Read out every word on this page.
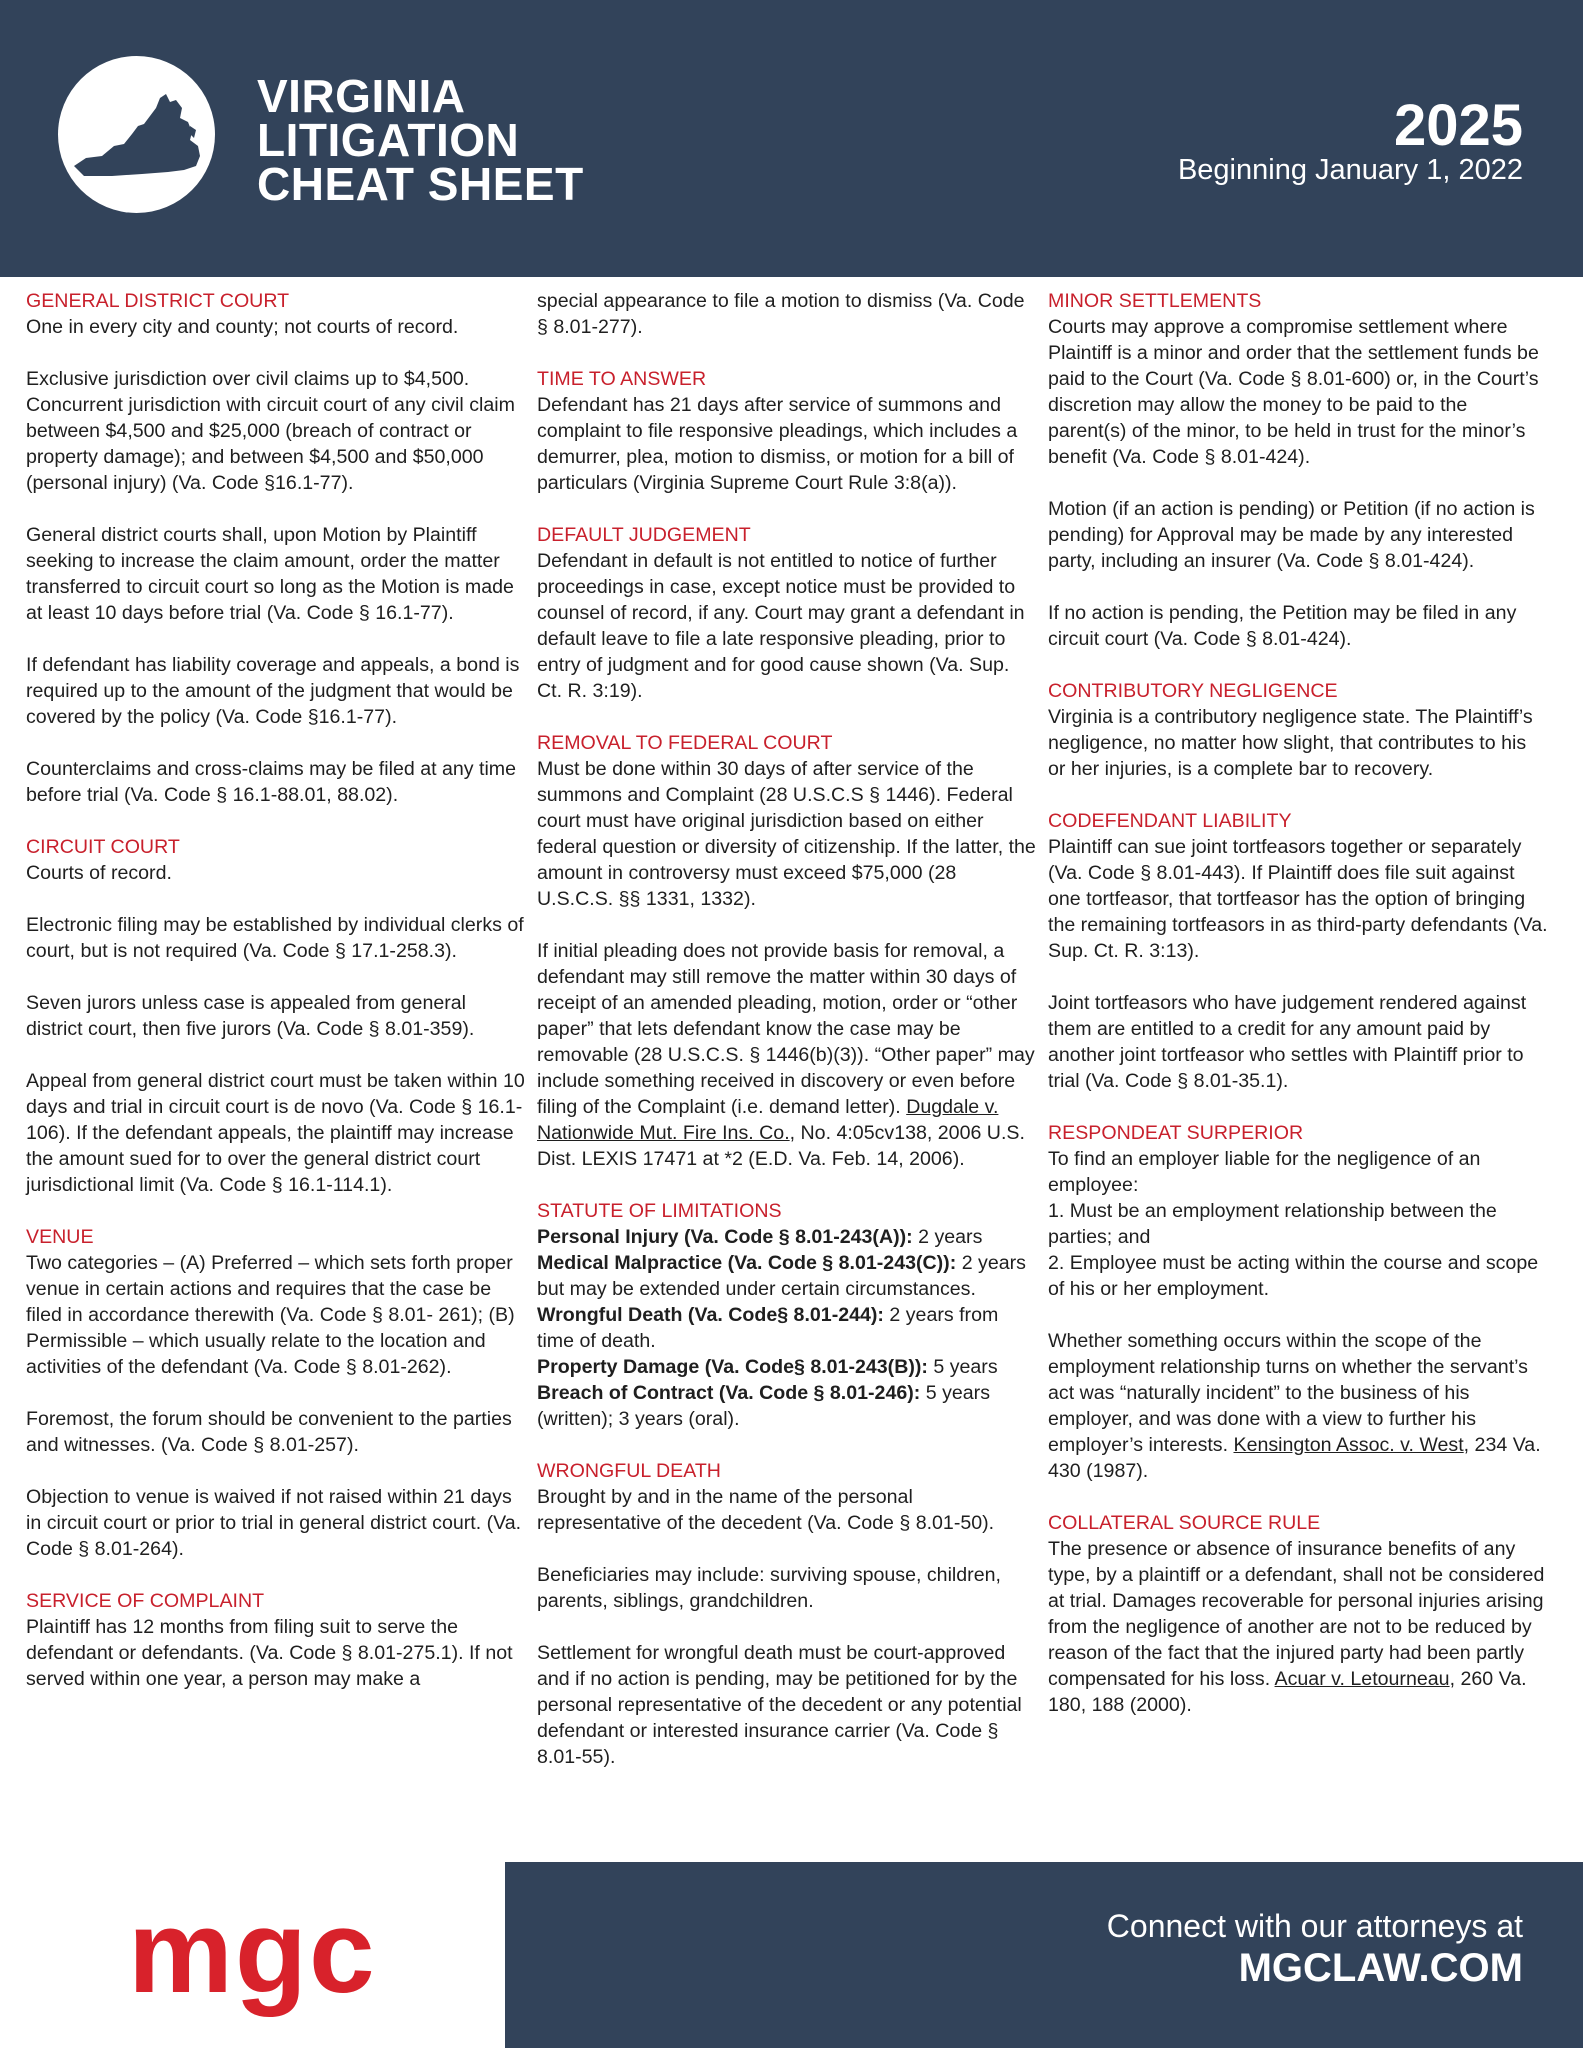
VIRGINIA
LITIGATION
CHEAT SHEET
2025
Beginning January 1, 2022
GENERAL DISTRICT COURT

One in every city and county; not courts of record.

Exclusive jurisdiction over civil claims up to $4,500. Concurrent jurisdiction with circuit court of any civil claim between $4,500 and $25,000 (breach of contract or property damage); and between $4,500 and $50,000 (personal injury) (Va. Code §16.1-77).

General district courts shall, upon Motion by Plaintiff seeking to increase the claim amount, order the matter transferred to circuit court so long as the Motion is made at least 10 days before trial (Va. Code § 16.1-77).

If defendant has liability coverage and appeals, a bond is required up to the amount of the judgment that would be covered by the policy (Va. Code §16.1-77).

Counterclaims and cross-claims may be filed at any time before trial (Va. Code § 16.1-88.01, 88.02).

CIRCUIT COURT

Courts of record.

Electronic filing may be established by individual clerks of court, but is not required (Va. Code § 17.1-258.3).

Seven jurors unless case is appealed from general district court, then five jurors (Va. Code § 8.01-359).

Appeal from general district court must be taken within 10 days and trial in circuit court is de novo (Va. Code § 16.1-106). If the defendant appeals, the plaintiff may increase the amount sued for to over the general district court jurisdictional limit (Va. Code § 16.1-114.1).

VENUE

Two categories – (A) Preferred – which sets forth proper venue in certain actions and requires that the case be filed in accordance therewith (Va. Code § 8.01- 261); (B) Permissible – which usually relate to the location and activities of the defendant (Va. Code § 8.01-262).

Foremost, the forum should be convenient to the parties and witnesses. (Va. Code § 8.01-257).

Objection to venue is waived if not raised within 21 days in circuit court or prior to trial in general district court. (Va. Code § 8.01-264).

SERVICE OF COMPLAINT

Plaintiff has 12 months from filing suit to serve the defendant or defendants. (Va. Code § 8.01-275.1). If not served within one year, a person may make a

special appearance to file a motion to dismiss (Va. Code § 8.01-277).

TIME TO ANSWER

Defendant has 21 days after service of summons and complaint to file responsive pleadings, which includes a demurrer, plea, motion to dismiss, or motion for a bill of particulars (Virginia Supreme Court Rule 3:8(a)).

DEFAULT JUDGEMENT

Defendant in default is not entitled to notice of further proceedings in case, except notice must be provided to counsel of record, if any. Court may grant a defendant in default leave to file a late responsive pleading, prior to entry of judgment and for good cause shown (Va. Sup. Ct. R. 3:19).

REMOVAL TO FEDERAL COURT

Must be done within 30 days of after service of the summons and Complaint (28 U.S.C.S § 1446). Federal court must have original jurisdiction based on either federal question or diversity of citizenship. If the latter, the amount in controversy must exceed $75,000 (28 U.S.C.S. §§ 1331, 1332).

If initial pleading does not provide basis for removal, a defendant may still remove the matter within 30 days of receipt of an amended pleading, motion, order or “other paper” that lets defendant know the case may be removable (28 U.S.C.S. § 1446(b)(3)). “Other paper” may include something received in discovery or even before filing of the Complaint (i.e. demand letter). Dugdale v. Nationwide Mut. Fire Ins. Co., No. 4:05cv138, 2006 U.S. Dist. LEXIS 17471 at *2 (E.D. Va. Feb. 14, 2006).

STATUTE OF LIMITATIONS
Personal Injury (Va. Code § 8.01-243(A)): 2 years
Medical Malpractice (Va. Code § 8.01-243(C)): 2 years but may be extended under certain circumstances.
Wrongful Death (Va. Code§ 8.01-244): 2 years from time of death.
Property Damage (Va. Code§ 8.01-243(B)): 5 years
Breach of Contract (Va. Code § 8.01-246): 5 years (written); 3 years (oral).
WRONGFUL DEATH

Brought by and in the name of the personal representative of the decedent (Va. Code § 8.01-50).

Beneficiaries may include: surviving spouse, children, parents, siblings, grandchildren.

Settlement for wrongful death must be court-approved and if no action is pending, may be petitioned for by the personal representative of the decedent or any potential defendant or interested insurance carrier (Va. Code § 8.01-55).

MINOR SETTLEMENTS

Courts may approve a compromise settlement where Plaintiff is a minor and order that the settlement funds be paid to the Court (Va. Code § 8.01-600) or, in the Court’s discretion may allow the money to be paid to the parent(s) of the minor, to be held in trust for the minor’s benefit (Va. Code § 8.01-424).

Motion (if an action is pending) or Petition (if no action is pending) for Approval may be made by any interested party, including an insurer (Va. Code § 8.01-424).

If no action is pending, the Petition may be filed in any circuit court (Va. Code § 8.01-424).

CONTRIBUTORY NEGLIGENCE

Virginia is a contributory negligence state. The Plaintiff’s negligence, no matter how slight, that contributes to his or her injuries, is a complete bar to recovery.

CODEFENDANT LIABILITY

Plaintiff can sue joint tortfeasors together or separately (Va. Code § 8.01-443). If Plaintiff does file suit against one tortfeasor, that tortfeasor has the option of bringing the remaining tortfeasors in as third-party defendants (Va. Sup. Ct. R. 3:13).

Joint tortfeasors who have judgement rendered against them are entitled to a credit for any amount paid by another joint tortfeasor who settles with Plaintiff prior to trial (Va. Code § 8.01-35.1).

RESPONDEAT SURPERIOR
To find an employer liable for the negligence of an employee:
1. Must be an employment relationship between the parties; and

2. Employee must be acting within the course and scope of his or her employment.

Whether something occurs within the scope of the employment relationship turns on whether the servant’s act was “naturally incident” to the business of his employer, and was done with a view to further his employer’s interests. Kensington Assoc. v. West, 234 Va. 430 (1987).

COLLATERAL SOURCE RULE

The presence or absence of insurance benefits of any type, by a plaintiff or a defendant, shall not be considered at trial. Damages recoverable for personal injuries arising from the negligence of another are not to be reduced by reason of the fact that the injured party had been partly compensated for his loss. Acuar v. Letourneau, 260 Va. 180, 188 (2000).

mgc	Connect with our attorneys at
MGCLAW.COM
